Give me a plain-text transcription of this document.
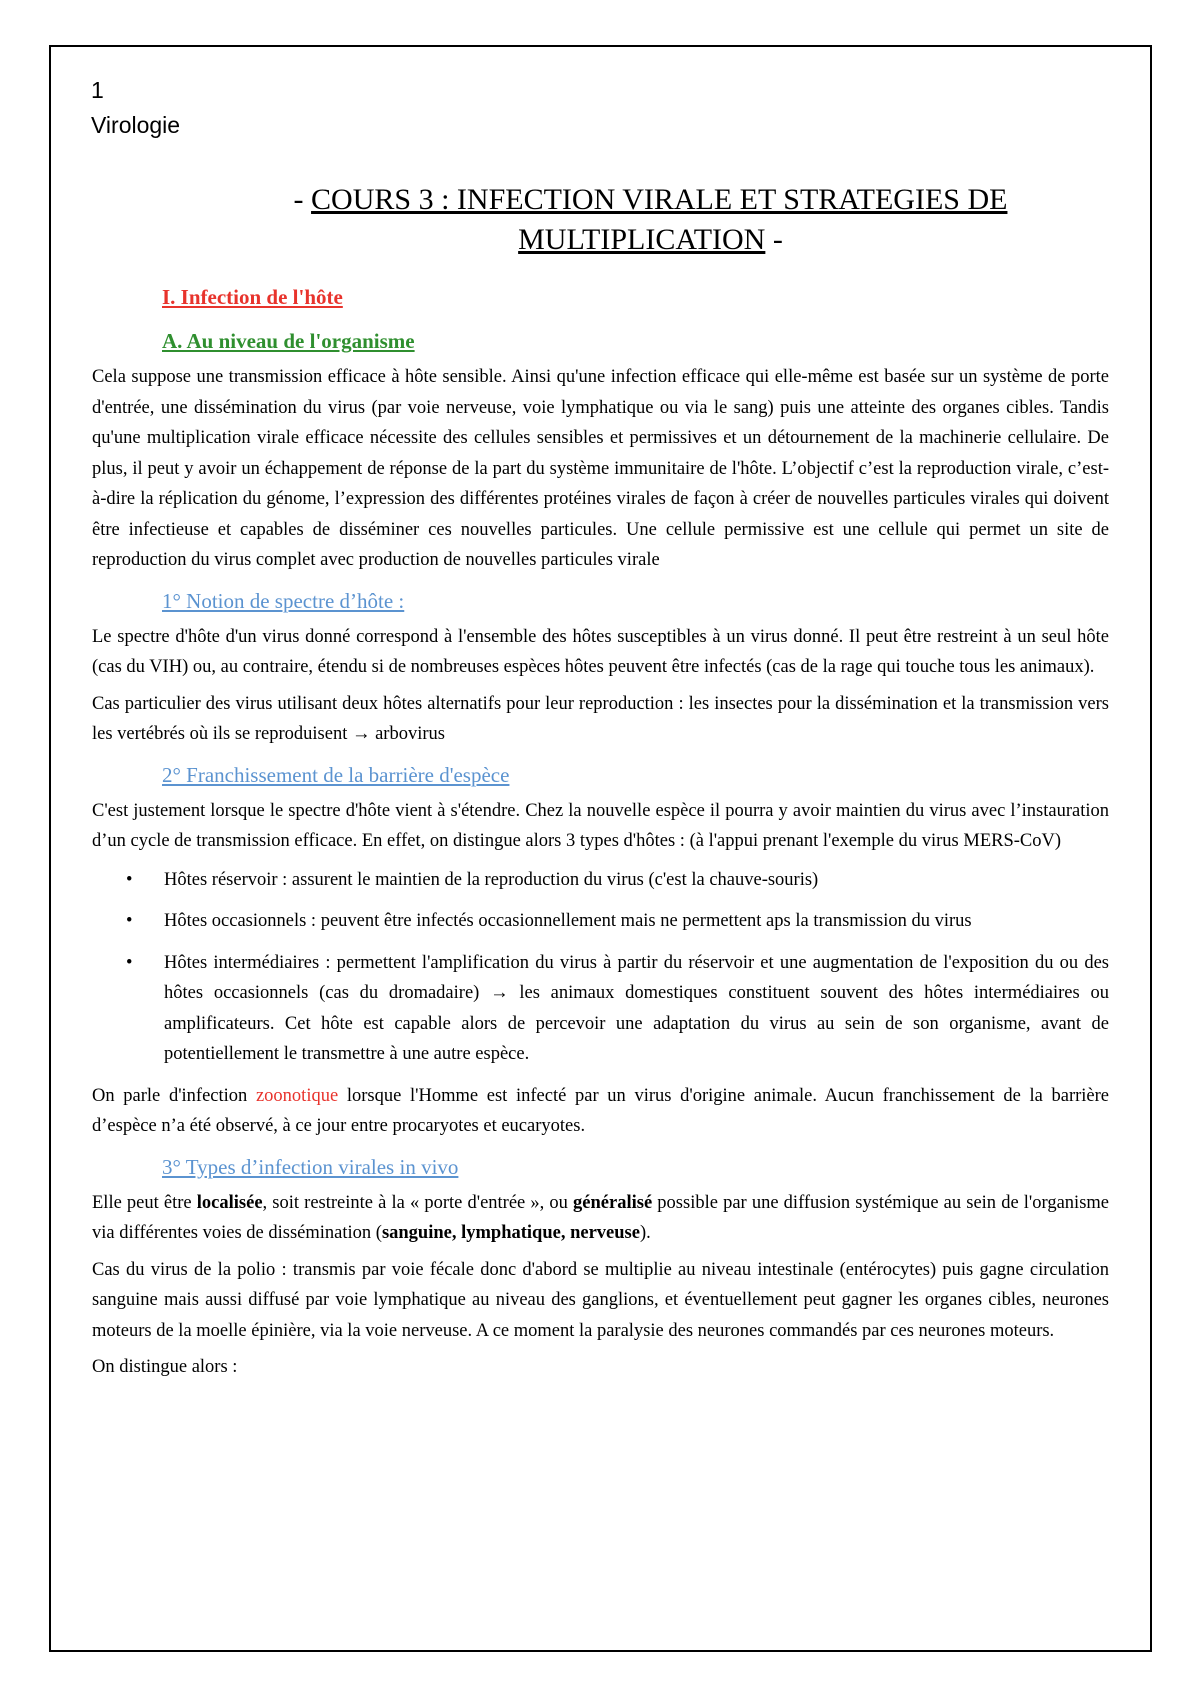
1
Virologie
- COURS 3 : INFECTION VIRALE ET STRATEGIES DE
MULTIPLICATION -
I. Infection de l'hôte
A. Au niveau de l'organisme

Cela suppose une transmission efficace à hôte sensible. Ainsi qu'une infection efficace qui elle-même est basée sur un système de porte d'entrée, une dissémination du virus (par voie nerveuse, voie lymphatique ou via le sang) puis une atteinte des organes cibles. Tandis qu'une multiplication virale efficace nécessite des cellules sensibles et permissives et un détournement de la machinerie cellulaire. De plus, il peut y avoir un échappement de réponse de la part du système immunitaire de l'hôte. L’objectif c’est la reproduction virale, c’est-à-dire la réplication du génome, l’expression des différentes protéines virales de façon à créer de nouvelles particules virales qui doivent être infectieuse et capables de disséminer ces nouvelles particules. Une cellule permissive est une cellule qui permet un site de reproduction du virus complet avec production de nouvelles particules virale

1° Notion de spectre d’hôte :

Le spectre d'hôte d'un virus donné correspond à l'ensemble des hôtes susceptibles à un virus donné. Il peut être restreint à un seul hôte (cas du VIH) ou, au contraire, étendu si de nombreuses espèces hôtes peuvent être infectés (cas de la rage qui touche tous les animaux).

Cas particulier des virus utilisant deux hôtes alternatifs pour leur reproduction : les insectes pour la dissémination et la transmission vers les vertébrés où ils se reproduisent → arbovirus

2° Franchissement de la barrière d'espèce

C'est justement lorsque le spectre d'hôte vient à s'étendre. Chez la nouvelle espèce il pourra y avoir maintien du virus avec l’instauration d’un cycle de transmission efficace. En effet, on distingue alors 3 types d'hôtes : (à l'appui prenant l'exemple du virus MERS-CoV)

• Hôtes réservoir : assurent le maintien de la reproduction du virus (c'est la chauve-souris)
• Hôtes occasionnels : peuvent être infectés occasionnellement mais ne permettent aps la transmission du virus
• Hôtes intermédiaires : permettent l'amplification du virus à partir du réservoir et une augmentation de l'exposition du ou des hôtes occasionnels (cas du dromadaire) → les animaux domestiques constituent souvent des hôtes intermédiaires ou amplificateurs. Cet hôte est capable alors de percevoir une adaptation du virus au sein de son organisme, avant de potentiellement le transmettre à une autre espèce.

On parle d'infection zoonotique lorsque l'Homme est infecté par un virus d'origine animale. Aucun franchissement de la barrière d’espèce n’a été observé, à ce jour entre procaryotes et eucaryotes.

3° Types d’infection virales in vivo

Elle peut être localisée, soit restreinte à la « porte d'entrée », ou généralisé possible par une diffusion systémique au sein de l'organisme via différentes voies de dissémination (sanguine, lymphatique, nerveuse).

Cas du virus de la polio : transmis par voie fécale donc d'abord se multiplie au niveau intestinale (entérocytes) puis gagne circulation sanguine mais aussi diffusé par voie lymphatique au niveau des ganglions, et éventuellement peut gagner les organes cibles, neurones moteurs de la moelle épinière, via la voie nerveuse. A ce moment la paralysie des neurones commandés par ces neurones moteurs.

On distingue alors :
